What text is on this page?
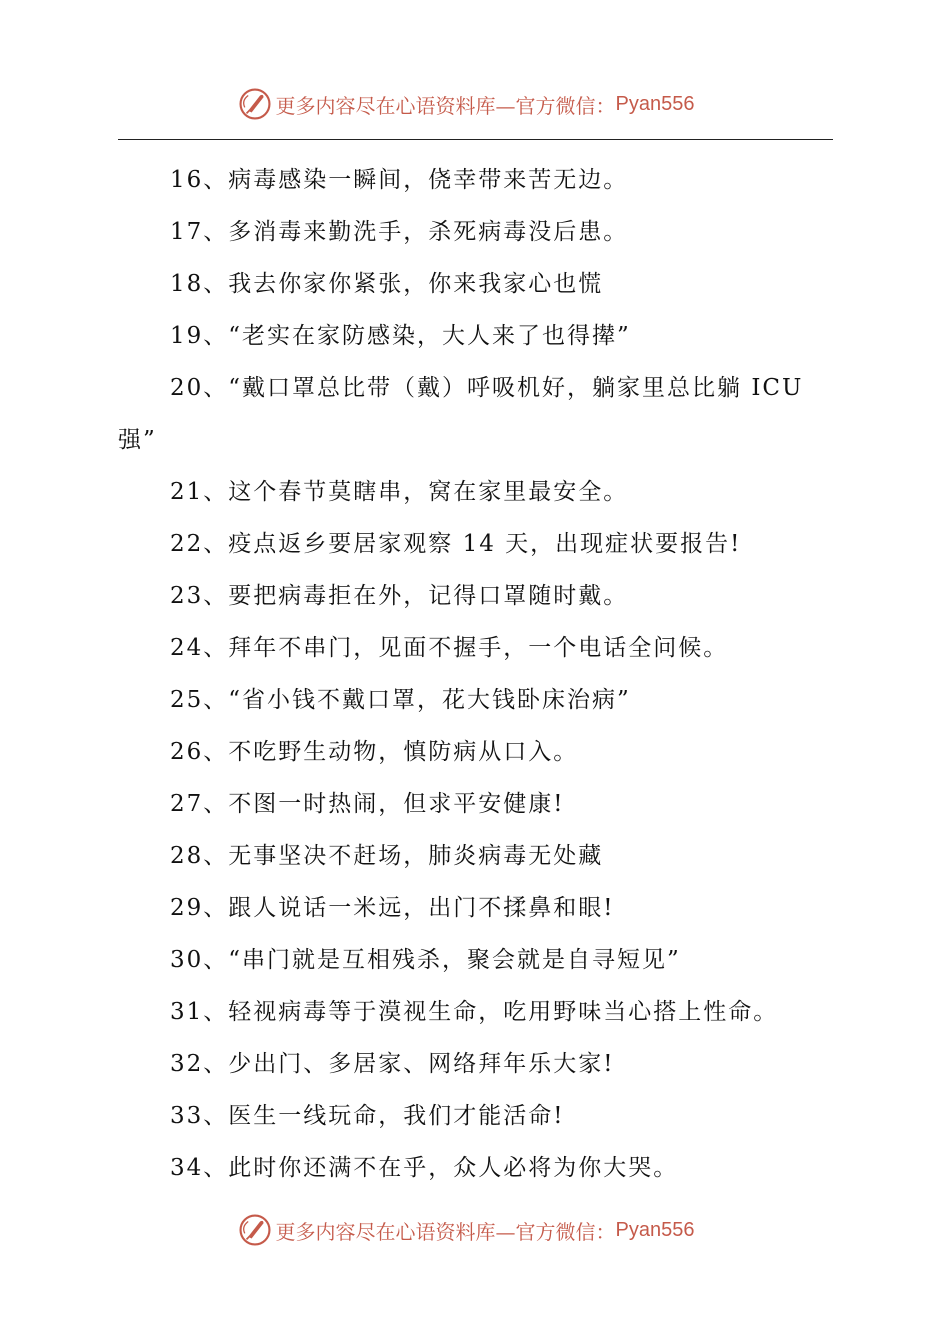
更多内容尽在心语资料库—官方微信： Pyan556
16、病毒感染一瞬间，侥幸带来苦无边。
17、多消毒来勤洗手，杀死病毒没后患。
18、我去你家你紧张，你来我家心也慌
19、“老实在家防感染，大人来了也得撵”
20、“戴口罩总比带（戴）呼吸机好，躺家里总比躺 ICU
强”
21、这个春节莫瞎串，窝在家里最安全。
22、疫点返乡要居家观察 14 天，出现症状要报告!
23、要把病毒拒在外，记得口罩随时戴。
24、拜年不串门，见面不握手，一个电话全问候。
25、“省小钱不戴口罩，花大钱卧床治病”
26、不吃野生动物，慎防病从口入。
27、不图一时热闹，但求平安健康!
28、无事坚决不赶场，肺炎病毒无处藏
29、跟人说话一米远，出门不揉鼻和眼!
30、“串门就是互相残杀，聚会就是自寻短见”
31、轻视病毒等于漠视生命，吃用野味当心搭上性命。
32、少出门、多居家、网络拜年乐大家!
33、医生一线玩命，我们才能活命!
34、此时你还满不在乎，众人必将为你大哭。
更多内容尽在心语资料库—官方微信： Pyan556
